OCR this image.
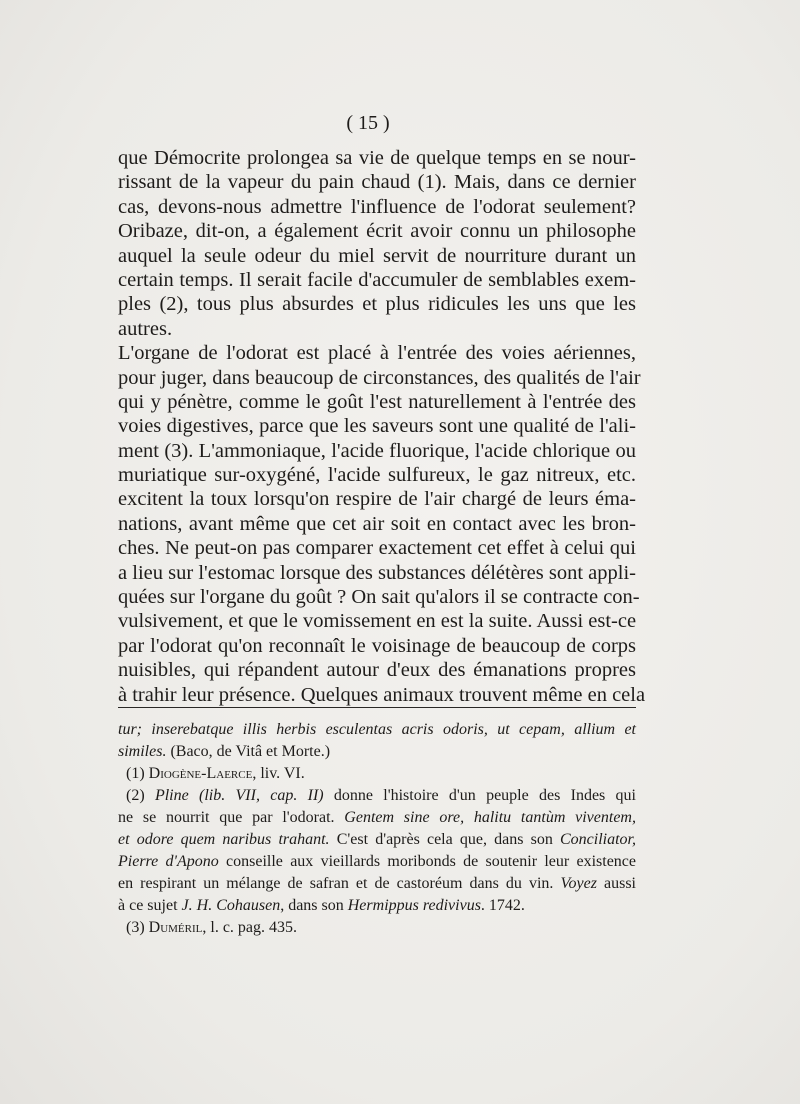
( 15 )
que Démocrite prolongea sa vie de quelque temps en se nour-
rissant de la vapeur du pain chaud (1). Mais, dans ce dernier
cas, devons-nous admettre l'influence de l'odorat seulement?
Oribaze, dit-on, a également écrit avoir connu un philosophe
auquel la seule odeur du miel servit de nourriture durant un
certain temps. Il serait facile d'accumuler de semblables exem-
ples (2), tous plus absurdes et plus ridicules les uns que les
autres.
L'organe de l'odorat est placé à l'entrée des voies aériennes,
pour juger, dans beaucoup de circonstances, des qualités de l'air
qui y pénètre, comme le goût l'est naturellement à l'entrée des
voies digestives, parce que les saveurs sont une qualité de l'ali-
ment (3). L'ammoniaque, l'acide fluorique, l'acide chlorique ou
muriatique sur-oxygéné, l'acide sulfureux, le gaz nitreux, etc.
excitent la toux lorsqu'on respire de l'air chargé de leurs éma-
nations, avant même que cet air soit en contact avec les bron-
ches. Ne peut-on pas comparer exactement cet effet à celui qui
a lieu sur l'estomac lorsque des substances délétères sont appli-
quées sur l'organe du goût ? On sait qu'alors il se contracte con-
vulsivement, et que le vomissement en est la suite. Aussi est-ce
par l'odorat qu'on reconnaît le voisinage de beaucoup de corps
nuisibles, qui répandent autour d'eux des émanations propres
à trahir leur présence. Quelques animaux trouvent même en cela
tur; inserebatque illis herbis esculentas acris odoris, ut cepam, allium et
similes. (Baco, de Vitâ et Morte.)
(1) Diogène-Laerce, liv. VI.
(2) Pline (lib. VII, cap. II) donne l'histoire d'un peuple des Indes qui
ne se nourrit que par l'odorat. Gentem sine ore, halitu tantùm viventem,
et odore quem naribus trahant. C'est d'après cela que, dans son Conciliator,
Pierre d'Apono conseille aux vieillards moribonds de soutenir leur existence
en respirant un mélange de safran et de castoréum dans du vin. Voyez aussi
à ce sujet J. H. Cohausen, dans son Hermippus redivivus. 1742.
(3) Duméril, l. c. pag. 435.
